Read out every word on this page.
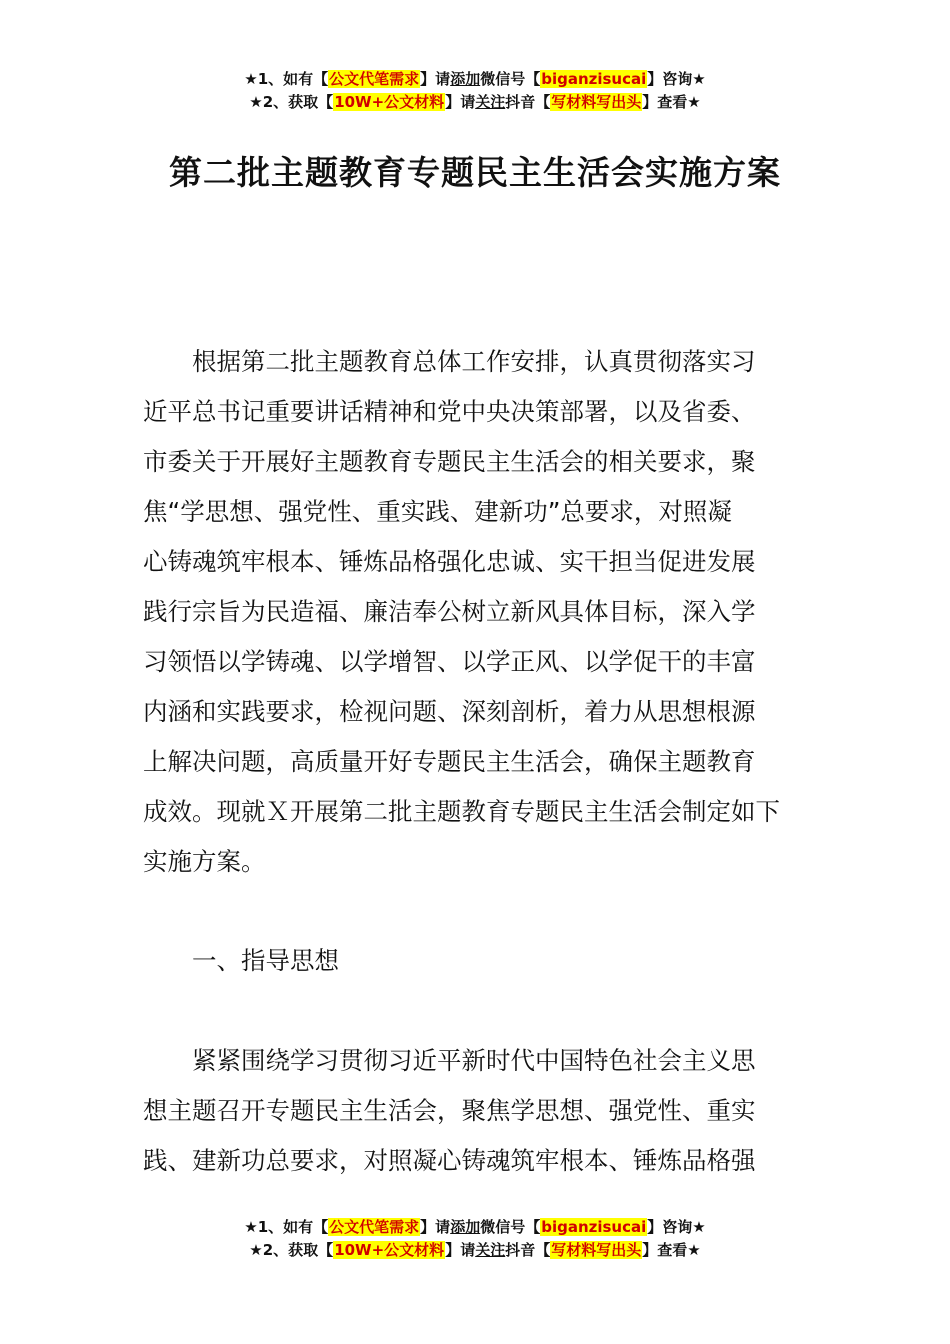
★1、如有【公文代笔需求】请添加微信号【biganzisucai】咨询★
★2、获取【10W+公文材料】请关注抖音【写材料写出头】查看★
第二批主题教育专题民主生活会实施方案
　　根据第二批主题教育总体工作安排，认真贯彻落实习
近平总书记重要讲话精神和党中央决策部署，以及省委、
市委关于开展好主题教育专题民主生活会的相关要求，聚
焦“学思想、强党性、重实践、建新功”总要求，对照凝
心铸魂筑牢根本、锤炼品格强化忠诚、实干担当促进发展
践行宗旨为民造福、廉洁奉公树立新风具体目标，深入学
习领悟以学铸魂、以学增智、以学正风、以学促干的丰富
内涵和实践要求，检视问题、深刻剖析，着力从思想根源
上解决问题，高质量开好专题民主生活会，确保主题教育
成效。现就Ｘ开展第二批主题教育专题民主生活会制定如下
实施方案。
　　一、指导思想
　　紧紧围绕学习贯彻习近平新时代中国特色社会主义思
想主题召开专题民主生活会，聚焦学思想、强党性、重实
践、建新功总要求，对照凝心铸魂筑牢根本、锤炼品格强
★1、如有【公文代笔需求】请添加微信号【biganzisucai】咨询★
★2、获取【10W+公文材料】请关注抖音【写材料写出头】查看★
